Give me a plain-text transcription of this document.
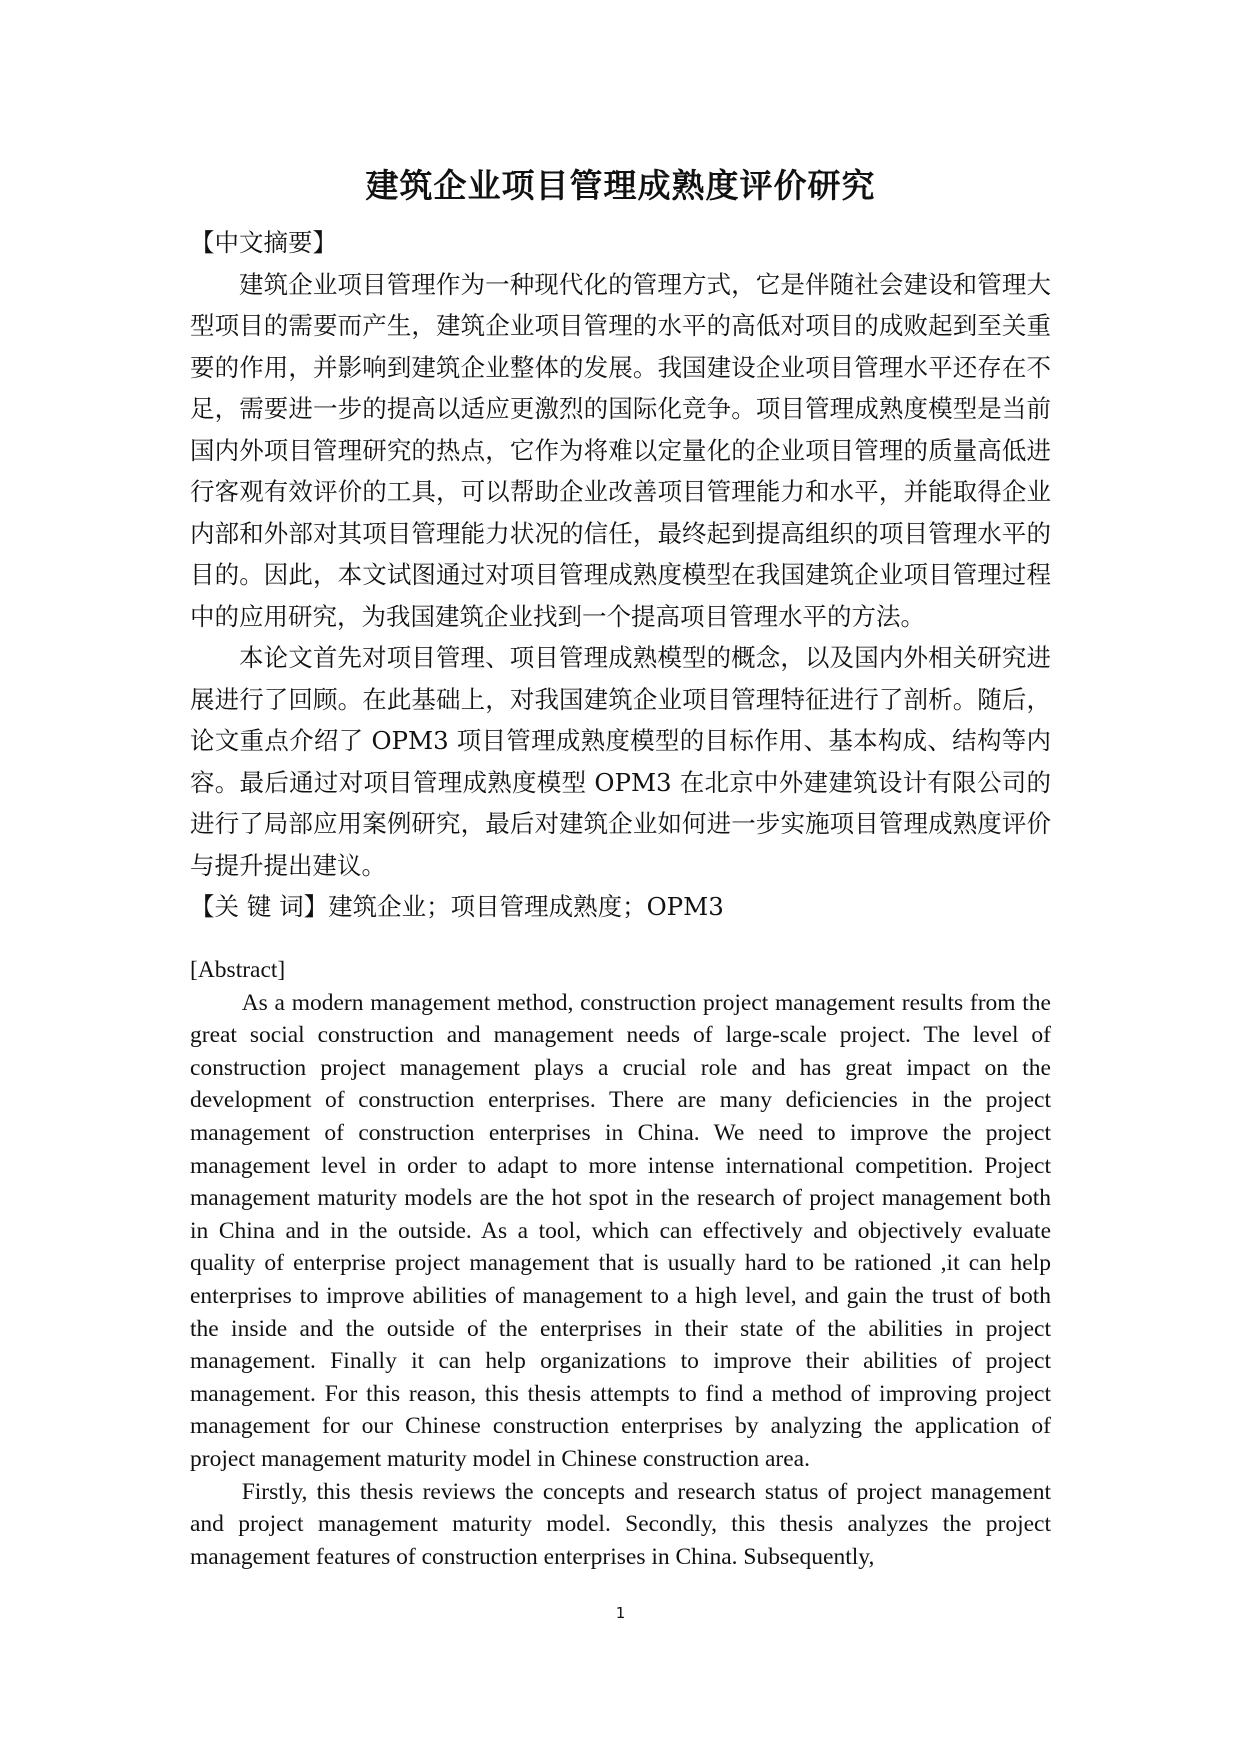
建筑企业项目管理成熟度评价研究

【中文摘要】

建筑企业项目管理作为一种现代化的管理方式，它是伴随社会建设和管理大型项目的需要而产生，建筑企业项目管理的水平的高低对项目的成败起到至关重要的作用，并影响到建筑企业整体的发展。我国建设企业项目管理水平还存在不足，需要进一步的提高以适应更激烈的国际化竞争。项目管理成熟度模型是当前国内外项目管理研究的热点，它作为将难以定量化的企业项目管理的质量高低进行客观有效评价的工具，可以帮助企业改善项目管理能力和水平，并能取得企业内部和外部对其项目管理能力状况的信任，最终起到提高组织的项目管理水平的目的。因此，本文试图通过对项目管理成熟度模型在我国建筑企业项目管理过程中的应用研究，为我国建筑企业找到一个提高项目管理水平的方法。

本论文首先对项目管理、项目管理成熟模型的概念，以及国内外相关研究进展进行了回顾。在此基础上，对我国建筑企业项目管理特征进行了剖析。随后，论文重点介绍了 OPM3 项目管理成熟度模型的目标作用、基本构成、结构等内容。最后通过对项目管理成熟度模型 OPM3 在北京中外建建筑设计有限公司的进行了局部应用案例研究，最后对建筑企业如何进一步实施项目管理成熟度评价与提升提出建议。

【关 键 词】建筑企业；项目管理成熟度；OPM3

[Abstract]

As a modern management method, construction project management results from the great social construction and management needs of large-scale project. The level of construction project management plays a crucial role and has great impact on the development of construction enterprises. There are many deficiencies in the project management of construction enterprises in China. We need to improve the project management level in order to adapt to more intense international competition. Project management maturity models are the hot spot in the research of project management both in China and in the outside. As a tool, which can effectively and objectively evaluate quality of enterprise project management that is usually hard to be rationed ,it can help enterprises to improve abilities of management to a high level, and gain the trust of both the inside and the outside of the enterprises in their state of the abilities in project management. Finally it can help organizations to improve their abilities of project management. For this reason, this thesis attempts to find a method of improving project management for our Chinese construction enterprises by analyzing the application of project management maturity model in Chinese construction area.

Firstly, this thesis reviews the concepts and research status of project management and project management maturity model. Secondly, this thesis analyzes the project management features of construction enterprises in China. Subsequently,

1
